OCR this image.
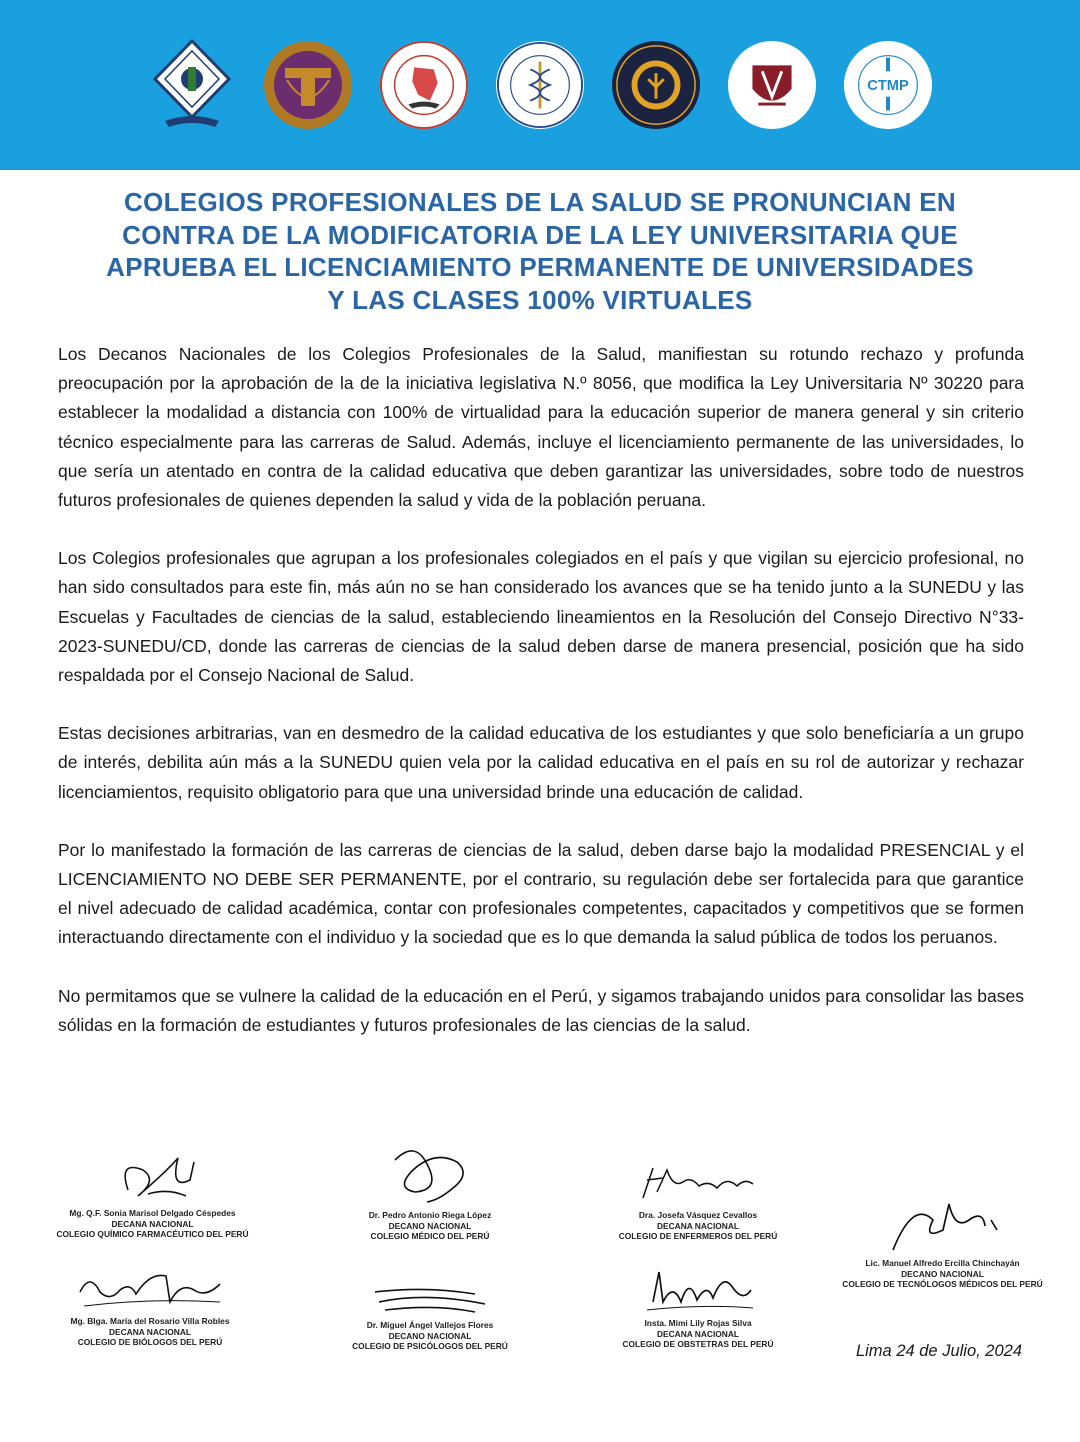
CTMP
COLEGIOS PROFESIONALES DE LA SALUD SE PRONUNCIAN EN
CONTRA DE LA MODIFICATORIA DE LA LEY UNIVERSITARIA QUE
APRUEBA EL LICENCIAMIENTO PERMANENTE DE UNIVERSIDADES
Y LAS CLASES 100% VIRTUALES

Los Decanos Nacionales de los Colegios Profesionales de la Salud, manifiestan su rotundo rechazo y profunda preocupación por la aprobación de la de la iniciativa legislativa N.º 8056, que modifica la Ley Universitaria Nº 30220 para establecer la modalidad a distancia con 100% de virtualidad para la educación superior de manera general y sin criterio técnico especialmente para las carreras de Salud. Además, incluye el licenciamiento permanente de las universidades, lo que sería un atentado en contra de la calidad educativa que deben garantizar las universidades, sobre todo de nuestros futuros profesionales de quienes dependen la salud y vida de la población peruana.

Los Colegios profesionales que agrupan a los profesionales colegiados en el país y que vigilan su ejercicio profesional, no han sido consultados para este fin, más aún no se han considerado los avances que se ha tenido junto a la SUNEDU y las Escuelas y Facultades de ciencias de la salud, estableciendo lineamientos en la Resolución del Consejo Directivo N°33- 2023-SUNEDU/CD, donde las carreras de ciencias de la salud deben darse de manera presencial, posición que ha sido respaldada por el Consejo Nacional de Salud.

Estas decisiones arbitrarias, van en desmedro de la calidad educativa de los estudiantes y que solo beneficiaría a un grupo de interés, debilita aún más a la SUNEDU quien vela por la calidad educativa en el país en su rol de autorizar y rechazar licenciamientos, requisito obligatorio para que una universidad brinde una educación de calidad.

Por lo manifestado la formación de las carreras de ciencias de la salud, deben darse bajo la modalidad PRESENCIAL y el LICENCIAMIENTO NO DEBE SER PERMANENTE, por el contrario, su regulación debe ser fortalecida para que garantice el nivel adecuado de calidad académica, contar con profesionales competentes, capacitados y competitivos que se formen interactuando directamente con el individuo y la sociedad que es lo que demanda la salud pública de todos los peruanos.

No permitamos que se vulnere la calidad de la educación en el Perú, y sigamos trabajando unidos para consolidar las bases sólidas en la formación de estudiantes y futuros profesionales de las ciencias de la salud.

Mg. Q.F. Sonia Marisol Delgado Céspedes
DECANA NACIONAL
COLEGIO QUÍMICO FARMACÉUTICO DEL PERÚ
Dr. Pedro Antonio Riega López
DECANO NACIONAL
COLEGIO MÉDICO DEL PERÚ
Dra. Josefa Vásquez Cevallos
DECANA NACIONAL
COLEGIO DE ENFERMEROS DEL PERÚ
Lic. Manuel Alfredo Ercilla Chinchayán
DECANO NACIONAL
COLEGIO DE TECNÓLOGOS MÉDICOS DEL PERÚ
Mg. Blga. María del Rosario Villa Robles
DECANA NACIONAL
COLEGIO DE BIÓLOGOS DEL PERÚ
Dr. Miguel Ángel Vallejos Flores
DECANO NACIONAL
COLEGIO DE PSICÓLOGOS DEL PERÚ
Insta. Mimi Lily Rojas Silva
DECANA NACIONAL
COLEGIO DE OBSTETRAS DEL PERÚ	Lima 24 de Julio, 2024
